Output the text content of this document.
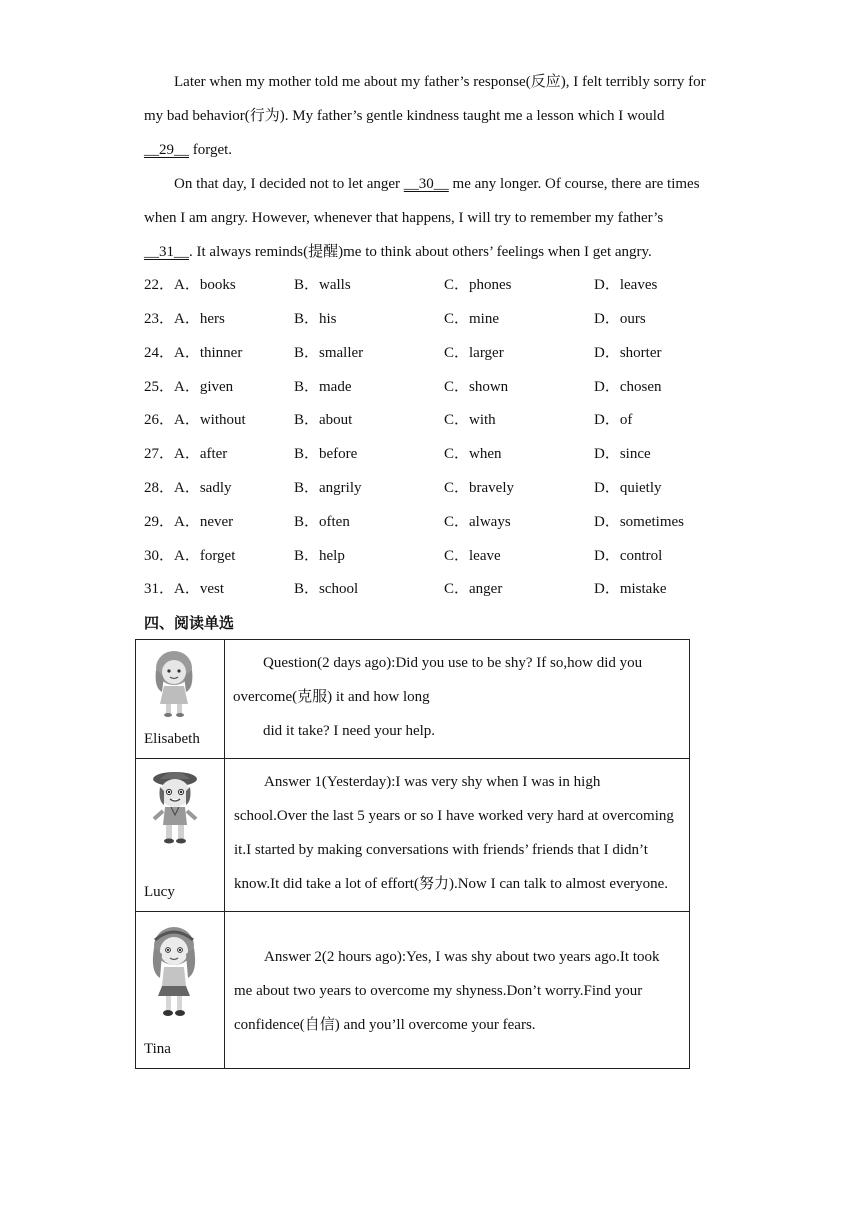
Later when my mother told me about my father’s response(反应), I felt terribly sorry for

my bad behavior(行为). My father’s gentle kindness taught me a lesson which I would

__29__ forget.

On that day, I decided not to let anger __30__ me any longer. Of course, there are times

when I am angry. However, whenever that happens, I will try to remember my father’s

__31__. It always reminds(提醒)me to think about others’ feelings when I get angry.

22． A．books	B．walls	C．phones	D．leaves
23． A．hers	B．his	C．mine	D．ours
24． A．thinner	B．smaller	C．larger	D．shorter
25． A．given	B．made	C．shown	D．chosen
26． A．without	B．about	C．with	D．of
27． A．after	B．before	C．when	D．since
28． A．sadly	B．angrily	C．bravely	D．quietly
29． A．never	B．often	C．always	D．sometimes
30． A．forget	B．help	C．leave	D．control
31． A．vest	B．school	C．anger	D．mistake
四、阅读单选
Elisabeth	Question(2 days ago):Did you use to be shy? If so,how did you

overcome(克服) it and how long

did it take? I need your help.

Lucy	Answer 1(Yesterday):I was very shy when I was in high

school.Over the last 5 years or so I have worked very hard at overcoming

it.I started by making conversations with friends’ friends that I didn’t

know.It did take a lot of effort(努力).Now I can talk to almost everyone.

Tina	Answer 2(2 hours ago):Yes, I was shy about two years ago.It took

me about two years to overcome my shyness.Don’t worry.Find your

confidence(自信) and you’ll overcome your fears.
